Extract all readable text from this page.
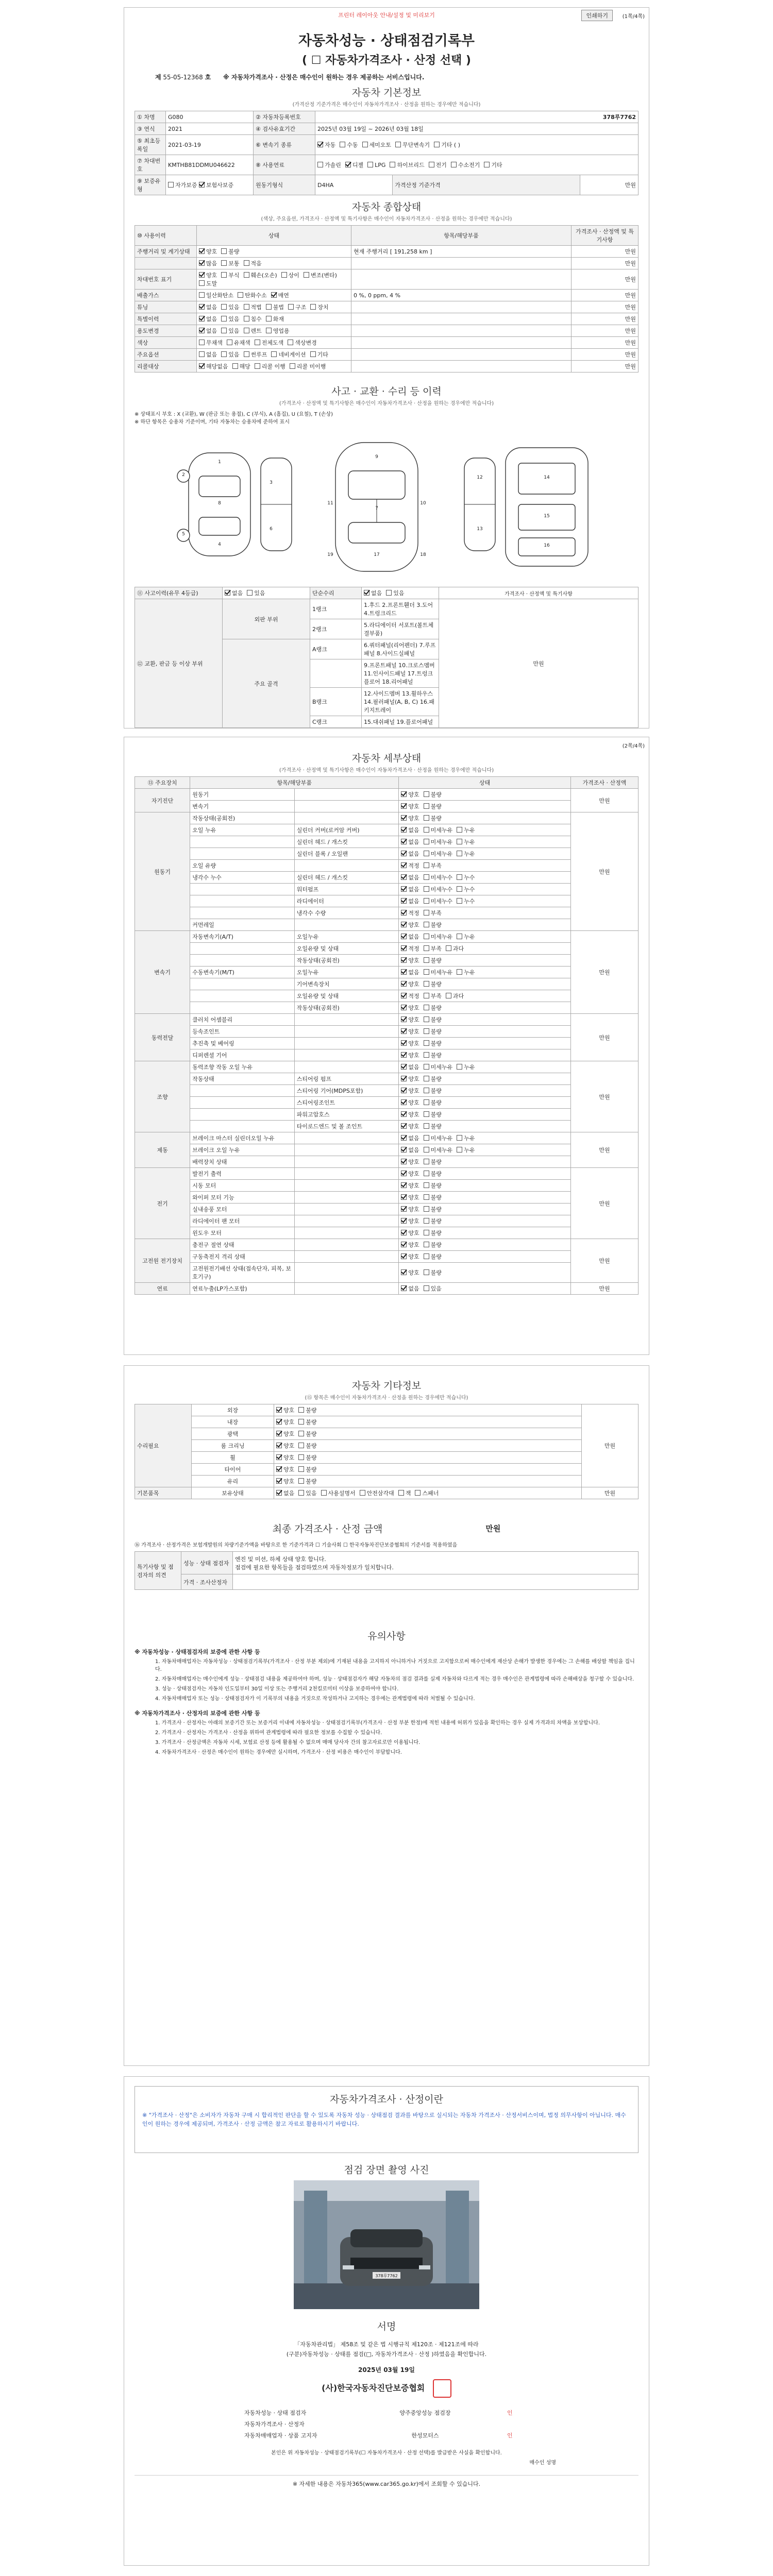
프린터 레이아웃 안내/설정 및 미리보기	인쇄하기	(1쪽/4쪽)
자동차성능 · 상태점검기록부
( ☐ 자동차가격조사 · 산정 선택 )
제 55-05-12368 호 ※ 자동차가격조사 · 산정은 매수인이 원하는 경우 제공하는 서비스입니다.
자동차 기본정보
(가격산정 기준가격은 매수인이 자동차가격조사 · 산정을 원하는 경우에만 적습니다)
① 차명	G080	② 자동차등록번호	378루7762		
③ 연식	2021	④ 검사유효기간	2025년 03월 19일 ~ 2026년 03월 18일		
⑤ 최초등록일	2021-03-19	⑥ 변속기 종류	자동 수동 세미오토 무단변속기 기타 ( )		
⑦ 차대번호	KMTHB81DDMU046622	⑧ 사용연료	가솔린 디젤 LPG 하이브리드 전기 수소전기 기타		
⑨ 보증유형	자가보증 보험사보증	원동기형식	D4HA	가격산정 기준가격	만원
자동차 종합상태
(색상, 주요옵션, 가격조사 · 산정액 및 특기사항은 매수인이 자동차가격조사 · 산정을 원하는 경우에만 적습니다)
⑩ 사용이력	상태	항목/해당부품	가격조사 · 산정액 및 특기사항
주행거리 및 계기상태	양호 불량	현재 주행거리 [ 191,258 km ]	만원
	많음 보통 적음		만원
차대번호 표기	양호 부식 훼손(오손) 상이 변조(변타)도말		만원
배출가스	일산화탄소 탄화수소 매연	0 %, 0 ppm, 4 %	만원
튜닝	없음 있음 적법 불법 구조 장치		만원
특별이력	없음 있음 침수 화재		만원
용도변경	없음 있음 렌트 영업용		만원
색상	무채색 유채색 전체도색 색상변경		만원
주요옵션	없음 있음 썬루프 네비게이션 기타		만원
리콜대상	해당없음 해당 리콜 이행 리콜 미이행		만원
사고 · 교환 · 수리 등 이력
(가격조사 · 산정액 및 특기사항은 매수인이 자동차가격조사 · 산정을 원하는 경우에만 적습니다)
※ 상태표시 부호 : X (교환), W (판금 또는 용접), C (부식), A (흠집), U (요철), T (손상)
※ 하단 항목은 승용차 기준이며, 기타 자동차는 승용차에 준하여 표시
1
2
3
4
5
6
7
8
9
10
11
12
13
14
15
16
17	18
19
⑪ 사고이력(유무 4등급)	없음 있음	단순수리	없음 있음	가격조사 · 산정액 및 특기사항
⑫ 교환, 판금 등 이상 부위	외판 부위	1랭크	1.후드 2.프론트휀더 3.도어 4.트렁크리드	만원
		2랭크	5.라디에이터 서포트(볼트체결부품)	
	주요 골격	A랭크	6.쿼터패널(리어펜더) 7.루프패널 8.사이드실패널	
			9.프론트패널 10.크로스멤버 11.인사이드패널 17.트렁크플로어 18.리어패널	
		B랭크	12.사이드멤버 13.휠하우스 14.필러패널(A, B, C) 16.패키지트레이	
		C랭크	15.대쉬패널 19.플로어패널	
(2쪽/4쪽)
자동차 세부상태
(가격조사 · 산정액 및 특기사항은 매수인이 자동차가격조사 · 산정을 원하는 경우에만 적습니다)
⑬ 주요장치	항목/해당부품		상태	가격조사 · 산정액
자기진단	원동기		양호 불량	만원
	변속기		양호 불량	
원동기	작동상태(공회전)		양호 불량	만원
	오일 누유	실린더 커버(로커암 커버)	없음 미세누유 누유	
		실린더 헤드 / 개스킷	없음 미세누유 누유	
		실린더 블록 / 오일팬	없음 미세누유 누유	
	오일 유량		적정 부족	
	냉각수 누수	실린더 헤드 / 개스킷	없음 미세누수 누수	
		워터펌프	없음 미세누수 누수	
		라디에이터	없음 미세누수 누수	
		냉각수 수량	적정 부족	
	커먼레일		양호 불량	
변속기	자동변속기(A/T)	오일누유	없음 미세누유 누유	만원
		오일유량 및 상태	적정 부족 과다	
		작동상태(공회전)	양호 불량	
	수동변속기(M/T)	오일누유	없음 미세누유 누유	
		기어변속장치	양호 불량	
		오일유량 및 상태	적정 부족 과다	
		작동상태(공회전)	양호 불량	
동력전달	클러치 어셈블리		양호 불량	만원
	등속조인트		양호 불량	
	추진축 및 베어링		양호 불량	
	디퍼렌셜 기어		양호 불량	
조향	동력조향 작동 오일 누유		없음 미세누유 누유	만원
	작동상태	스티어링 펌프	양호 불량	
		스티어링 기어(MDPS포함)	양호 불량	
		스티어링조인트	양호 불량	
		파워고압호스	양호 불량	
		타이로드엔드 및 볼 조인트	양호 불량	
제동	브레이크 마스터 실린더오일 누유		없음 미세누유 누유	만원
	브레이크 오일 누유		없음 미세누유 누유	
	배력장치 상태		양호 불량	
전기	발전기 출력		양호 불량	만원
	시동 모터		양호 불량	
	와이퍼 모터 기능		양호 불량	
	실내송풍 모터		양호 불량	
	라디에이터 팬 모터		양호 불량	
	윈도우 모터		양호 불량	
고전원 전기장치	충전구 절연 상태		양호 불량	만원
	구동축전지 격리 상태		양호 불량	
	고전원전기배선 상태(접속단자, 피복, 보호기구)		양호 불량	
연료	연료누출(LP가스포함)		없음 있음	만원
자동차 기타정보
(⑮ 항목은 매수인이 자동차가격조사 · 산정을 원하는 경우에만 적습니다)
수리필요	외장	양호 불량	만원
	내장	양호 불량	
	광택	양호 불량	
	룸 크리닝	양호 불량	
	휠	양호 불량	
	타이어	양호 불량	
	유리	양호 불량	
기본품목	보유상태	없음 있음 사용설명서 안전삼각대 잭 스패너	만원
최종 가격조사 · 산정 금액	만원
⑯ 가격조사 · 산정가격은 보험개발원의 차량기준가액을 바탕으로 한 기준가격과 ☐ 기술사회 ☐ 한국자동차진단보증협회의 기준서를 적용하였음
특기사항 및 점검자의 의견	성능 · 상태 점검자	엔진 및 미션, 하체 상태 양호 합니다.
점검에 필요한 항목들을 점검하였으며 자동차정보가 일치합니다.
	가격 · 조사산정자	
유의사항
※ 자동차성능 · 상태점검자의 보증에 관한 사항 등

1. 자동차매매업자는 자동차성능 · 상태점검기록부(가격조사 · 산정 부분 제외)에 기재된 내용을 고지하지 아니하거나 거짓으로 고지함으로써 매수인에게 재산상 손해가 발생한 경우에는 그 손해를 배상할 책임을 집니다.

2. 자동차매매업자는 매수인에게 성능 · 상태점검 내용을 제공하여야 하며, 성능 · 상태점검자가 해당 자동차의 점검 결과를 실제 자동차와 다르게 적는 경우 매수인은 관계법령에 따라 손해배상을 청구할 수 있습니다.

3. 성능 · 상태점검자는 자동차 인도일부터 30일 이상 또는 주행거리 2천킬로미터 이상을 보증하여야 합니다.

4. 자동차매매업자 또는 성능 · 상태점검자가 이 기록부의 내용을 거짓으로 작성하거나 고지하는 경우에는 관계법령에 따라 처벌될 수 있습니다.

※ 자동차가격조사 · 산정자의 보증에 관한 사항 등

1. 가격조사 · 산정자는 아래의 보증기간 또는 보증거리 이내에 자동차성능 · 상태점검기록부(가격조사 · 산정 부분 한정)에 적힌 내용에 허위가 있음을 확인하는 경우 실제 가격과의 차액을 보상합니다.

2. 가격조사 · 산정자는 가격조사 · 산정을 위하여 관계법령에 따라 필요한 정보를 수집할 수 있습니다.

3. 가격조사 · 산정금액은 자동차 시세, 보험료 산정 등에 활용될 수 없으며 매매 당사자 간의 참고자료로만 이용됩니다.

4. 자동차가격조사 · 산정은 매수인이 원하는 경우에만 실시하며, 가격조사 · 산정 비용은 매수인이 부담합니다.

자동차가격조사 · 산정이란
※ "가격조사 · 산정"은 소비자가 자동차 구매 시 합리적인 판단을 할 수 있도록 자동차 성능 · 상태점검 결과를 바탕으로 실시되는 자동차 가격조사 · 산정서비스이며, 법정 의무사항이 아닙니다. 매수인이 원하는 경우에 제공되며, 가격조사 · 산정 금액은 참고 자료로 활용하시기 바랍니다.
점검 장면 촬영 사진
378루7762
서명
「자동차관리법」 제58조 및 같은 법 시행규칙 제120조 · 제121조에 따라
(구분)자동차성능 · 상태를 점검(□, 자동차가격조사 · 산정 )하였음을 확인합니다.
2025년 03월 19일
(사)한국자동차진단보증협회
자동차성능 · 상태 점검자	양주중앙성능 점검장	인
자동차가격조사 · 산정자		
자동차매매업자 · 상품 고지자	한성모터스	인
본인은 위 자동차성능 · 상태점검기록부(☐ 자동차가격조사 · 산정 선택)를 발급받은 사실을 확인합니다.
매수인 성명
※ 자세한 내용은 자동차365(www.car365.go.kr)에서 조회할 수 있습니다.
